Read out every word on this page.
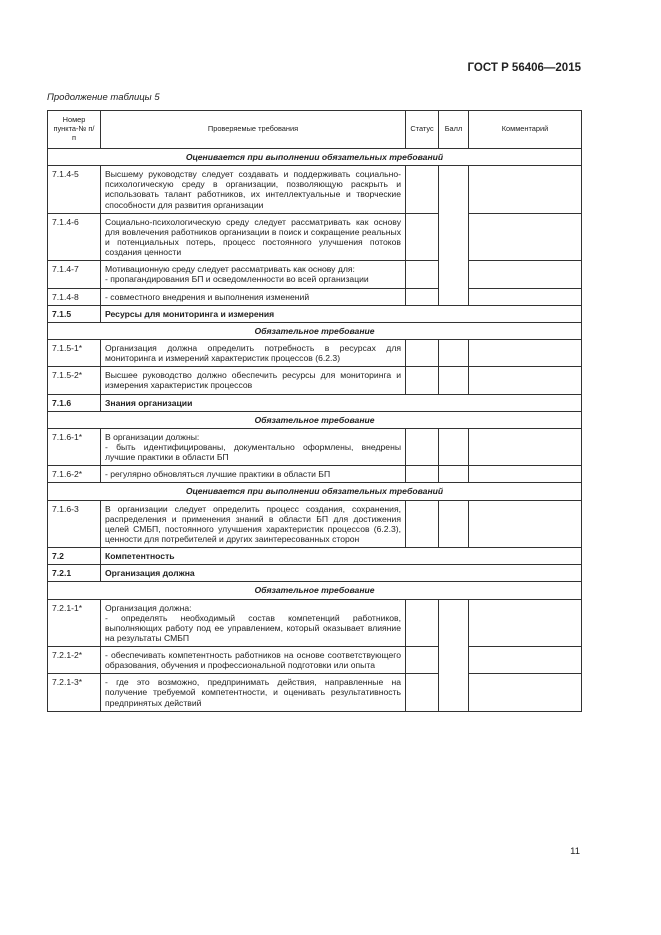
ГОСТ Р 56406—2015
Продолжение таблицы 5
Номер пункта-№ п/п	Проверяемые требования	Статус	Балл	Комментарий
Оценивается при выполнении обязательных требований				
7.1.4-5	Высшему руководству следует создавать и поддерживать социально-психологическую среду в организации, позволяющую раскрыть и использовать талант работников, их интеллектуальные и творческие способности для развития организации			
7.1.4-6	Социально-психологическую среду следует рассматривать как основу для вовлечения работников организации в поиск и сокращение реальных и потенциальных потерь, процесс постоянного улучшения потоков создания ценности			
7.1.4-7	Мотивационную среду следует рассматривать как основу для:
- пропагандирования БП и осведомленности во всей организации			

7.1.4-8	- совместного внедрения и выполнения изменений			
7.1.5	Ресурсы для мониторинга и измерения			
Обязательное требование				
7.1.5-1*	Организация должна определить потребность в ресурсах для мониторинга и измерений характеристик процессов (6.2.3)			
7.1.5-2*	Высшее руководство должно обеспечить ресурсы для мониторинга и измерения характеристик процессов			
7.1.6	Знания организации			
Обязательное требование				
7.1.6-1*	В организации должны:
- быть идентифицированы, документально оформлены, внедрены лучшие практики в области БП			

7.1.6-2*	- регулярно обновляться лучшие практики в области БП			
Оценивается при выполнении обязательных требований				
7.1.6-3	В организации следует определить процесс создания, сохранения, распределения и применения знаний в области БП для достижения целей СМБП, постоянного улучшения характеристик процессов (6.2.3), ценности для потребителей и других заинтересованных сторон			
7.2	Компетентность			
7.2.1	Организация должна			
Обязательное требование				
7.2.1-1*	Организация должна:
- определять необходимый состав компетенций работников, выполняющих работу под ее управлением, который оказывает влияние на результаты СМБП			

7.2.1-2*	- обеспечивать компетентность работников на основе соответствующего образования, обучения и профессиональной подготовки или опыта			
7.2.1-3*	- где это возможно, предпринимать действия, направленные на получение требуемой компетентности, и оценивать результативность предпринятых действий			
11
